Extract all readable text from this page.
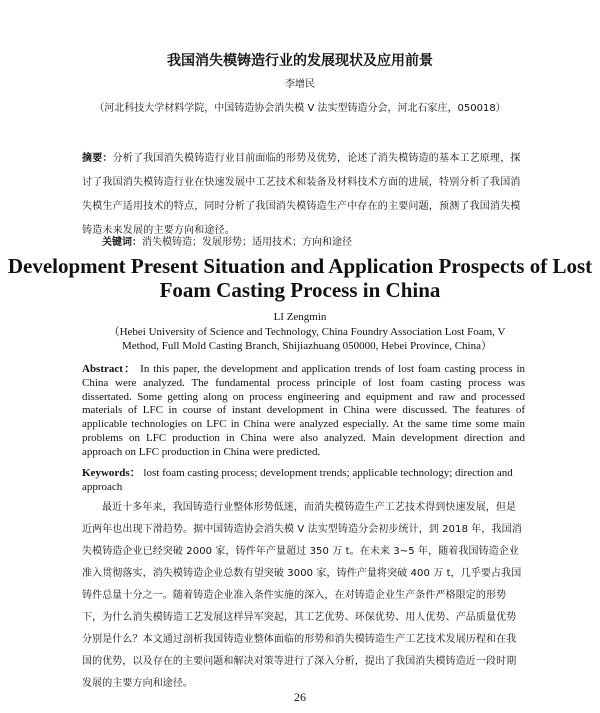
我国消失模铸造行业的发展现状及应用前景
李增民
（河北科技大学材料学院，中国铸造协会消失模 V 法实型铸造分会，河北石家庄，050018）
摘要：分析了我国消失模铸造行业目前面临的形势及优势，论述了消失模铸造的基本工艺原理，探讨了我国消失模铸造行业在快速发展中工艺技术和装备及材料技术方面的进展，特别分析了我国消失模生产适用技术的特点，同时分析了我国消失模铸造生产中存在的主要问题，预测了我国消失模铸造未来发展的主要方向和途径。
关键词：消失模铸造；发展形势；适用技术；方向和途径
Development Present Situation and Application Prospects of Lost Foam Casting Process in China
LI Zengmin
（Hebei University of Science and Technology, China Foundry Association Lost Foam, V Method, Full Mold Casting Branch, Shijiazhuang 050000, Hebei Province, China）
Abstract： In this paper, the development and application trends of lost foam casting process in China were analyzed. The fundamental process principle of lost foam casting process was dissertated. Some getting along on process engineering and equipment and raw and processed materials of LFC in course of instant development in China were discussed. The features of applicable technologies on LFC in China were analyzed especially. At the same time some main problems on LFC production in China were also analyzed. Main development direction and approach on LFC production in China were predicted.
Keywords： lost foam casting process; development trends; applicable technology; direction and approach
最近十多年来，我国铸造行业整体形势低迷，而消失模铸造生产工艺技术得到快速发展，但是近两年也出现下滑趋势。据中国铸造协会消失模 V 法实型铸造分会初步统计，到 2018 年，我国消失模铸造企业已经突破 2000 家，铸件年产量超过 350 万 t。在未来 3~5 年，随着我国铸造企业准入贯彻落实，消失模铸造企业总数有望突破 3000 家，铸件产量将突破 400 万 t，几乎要占我国铸件总量十分之一。随着铸造企业准入条件实施的深入，在对铸造企业生产条件严格限定的形势下，为什么消失模铸造工艺发展这样异军突起，其工艺优势、环保优势、用人优势、产品质量优势分别是什么？本文通过剖析我国铸造业整体面临的形势和消失模铸造生产工艺技术发展历程和在我国的优势，以及存在的主要问题和解决对策等进行了深入分析，提出了我国消失模铸造近一段时期发展的主要方向和途径。
26
